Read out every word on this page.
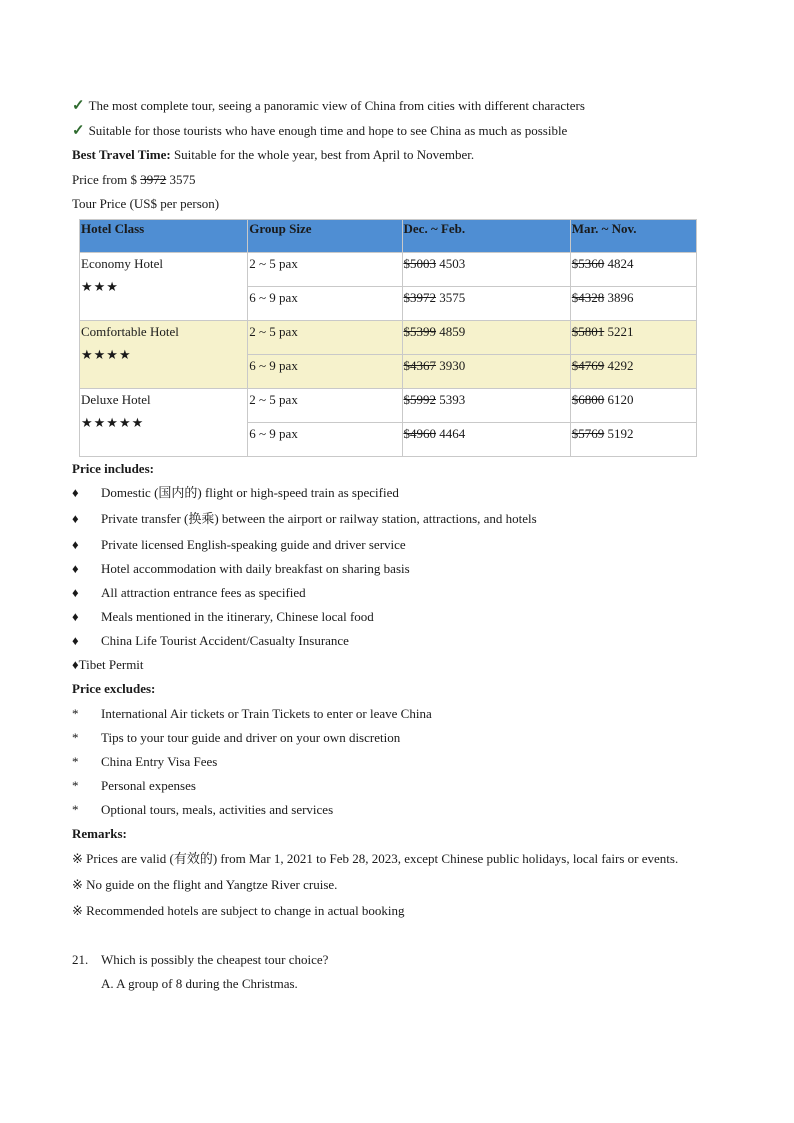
✓ The most complete tour, seeing a panoramic view of China from cities with different characters
✓ Suitable for those tourists who have enough time and hope to see China as much as possible
Best Travel Time: Suitable for the whole year, best from April to November.
Price from $ 3972 3575
Tour Price (US$ per person)
Hotel Class	Group Size	Dec. ~ Feb.	Mar. ~ Nov.

Economy Hotel
★★★	2 ~ 5 pax	$5003 4503	$5360 4824
	6 ~ 9 pax	$3972 3575	$4328 3896

Comfortable Hotel
★★★★	2 ~ 5 pax	$5399 4859	$5801 5221
	6 ~ 9 pax	$4367 3930	$4769 4292

Deluxe Hotel
★★★★★	2 ~ 5 pax	$5992 5393	$6800 6120
	6 ~ 9 pax	$4960 4464	$5769 5192
Price includes:
♦ Domestic (国内的) flight or high-speed train as specified
♦ Private transfer (换乘) between the airport or railway station, attractions, and hotels
♦ Private licensed English-speaking guide and driver service
♦ Hotel accommodation with daily breakfast on sharing basis
♦ All attraction entrance fees as specified
♦ Meals mentioned in the itinerary, Chinese local food
♦ China Life Tourist Accident/Casualty Insurance
♦Tibet Permit
Price excludes:
* International Air tickets or Train Tickets to enter or leave China
* Tips to your tour guide and driver on your own discretion
* China Entry Visa Fees
* Personal expenses
* Optional tours, meals, activities and services
Remarks:
※ Prices are valid (有效的) from Mar 1, 2021 to Feb 28, 2023, except Chinese public holidays, local fairs or events.
※ No guide on the flight and Yangtze River cruise.
※ Recommended hotels are subject to change in actual booking
21. Which is possibly the cheapest tour choice?
A. A group of 8 during the Christmas.
